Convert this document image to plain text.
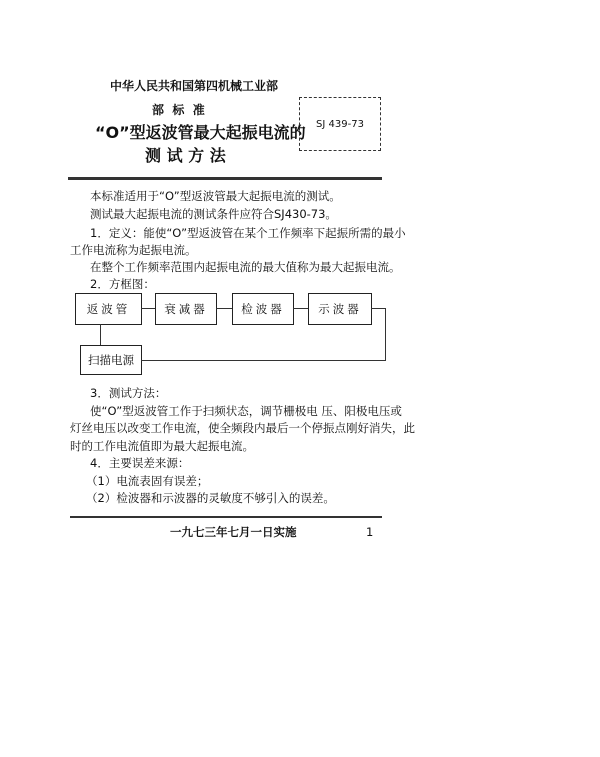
中华人民共和国第四机械工业部
部  标  准
“O”型返波管最大起振电流的
测 试 方 法
SJ 439-73
本标准适用于“O”型返波管最大起振电流的测试。
测试最大起振电流的测试条件应符合SJ430-73。
1．定义：能使“O”型返波管在某个工作频率下起振所需的最小
工作电流称为起振电流。
在整个工作频率范围内起振电流的最大值称为最大起振电流。
2．方框图：
返波管	衰减器	检波器	示波器
扫描电源
3．测试方法：
使“O”型返波管工作于扫频状态，调节栅极电 压、阳极电压或
灯丝电压以改变工作电流，使全频段内最后一个停振点刚好消失，此
时的工作电流值即为最大起振电流。
4．主要误差来源：
（1）电流表固有误差；
（2）检波器和示波器的灵敏度不够引入的误差。
一九七三年七月一日实施	1
